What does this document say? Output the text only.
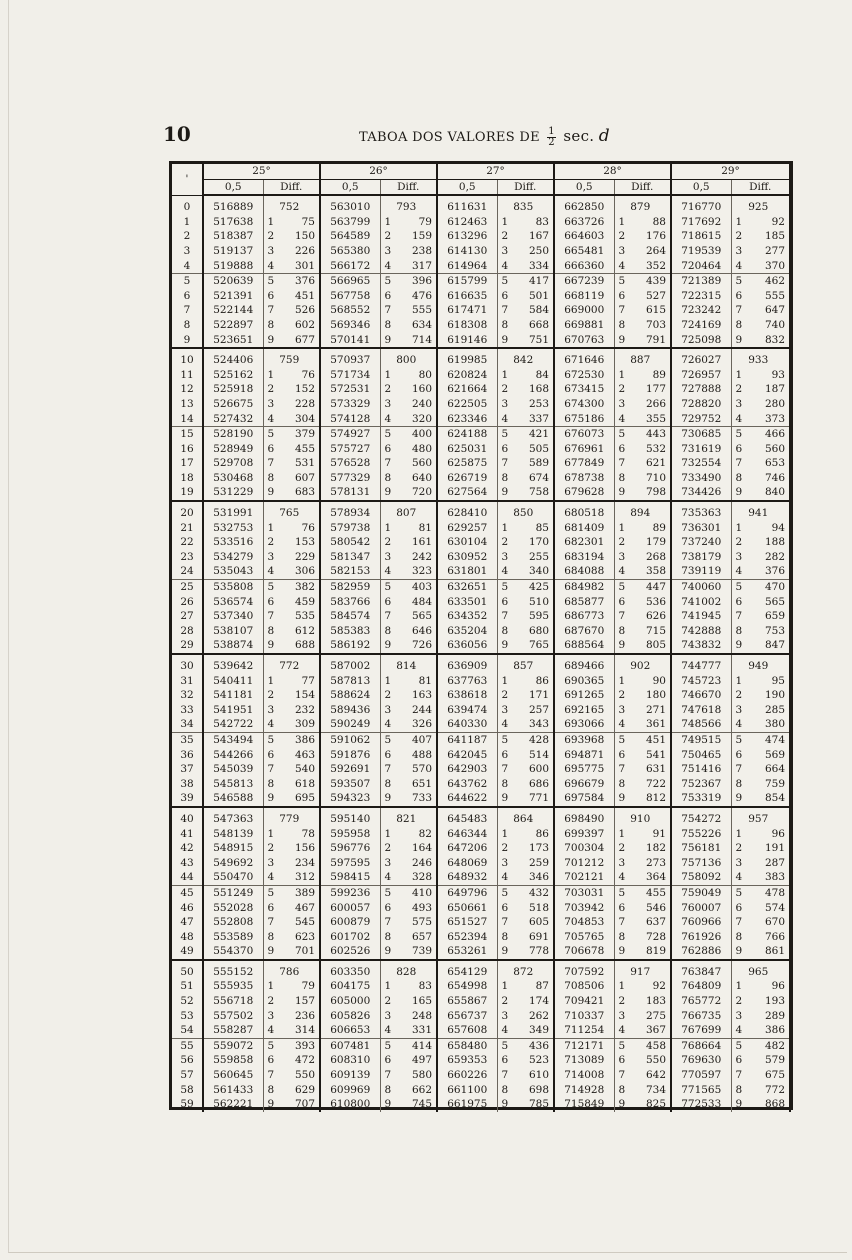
10	TABOA DOS VALORES DE $\frac{1}{2} \sec$. d
'	25°			26°			27°			28°			29°		
	0,5	Diff.		0,5	Diff.		0,5	Diff.		0,5	Diff.		0,5	Diff.	
0	516889	752		563010	793		611631	835		662850	879		716770	925	
1	517638	1	75	563799	1	79	612463	1	83	663726	1	88	717692	1	92
2	518387	2	150	564589	2	159	613296	2	167	664603	2	176	718615	2	185
3	519137	3	226	565380	3	238	614130	3	250	665481	3	264	719539	3	277
4	519888	4	301	566172	4	317	614964	4	334	666360	4	352	720464	4	370
5	520639	5	376	566965	5	396	615799	5	417	667239	5	439	721389	5	462
6	521391	6	451	567758	6	476	616635	6	501	668119	6	527	722315	6	555
7	522144	7	526	568552	7	555	617471	7	584	669000	7	615	723242	7	647
8	522897	8	602	569346	8	634	618308	8	668	669881	8	703	724169	8	740
9	523651	9	677	570141	9	714	619146	9	751	670763	9	791	725098	9	832
10	524406	759		570937	800		619985	842		671646	887		726027	933	
11	525162	1	76	571734	1	80	620824	1	84	672530	1	89	726957	1	93
12	525918	2	152	572531	2	160	621664	2	168	673415	2	177	727888	2	187
13	526675	3	228	573329	3	240	622505	3	253	674300	3	266	728820	3	280
14	527432	4	304	574128	4	320	623346	4	337	675186	4	355	729752	4	373
15	528190	5	379	574927	5	400	624188	5	421	676073	5	443	730685	5	466
16	528949	6	455	575727	6	480	625031	6	505	676961	6	532	731619	6	560
17	529708	7	531	576528	7	560	625875	7	589	677849	7	621	732554	7	653
18	530468	8	607	577329	8	640	626719	8	674	678738	8	710	733490	8	746
19	531229	9	683	578131	9	720	627564	9	758	679628	9	798	734426	9	840
20	531991	765		578934	807		628410	850		680518	894		735363	941	
21	532753	1	76	579738	1	81	629257	1	85	681409	1	89	736301	1	94
22	533516	2	153	580542	2	161	630104	2	170	682301	2	179	737240	2	188
23	534279	3	229	581347	3	242	630952	3	255	683194	3	268	738179	3	282
24	535043	4	306	582153	4	323	631801	4	340	684088	4	358	739119	4	376
25	535808	5	382	582959	5	403	632651	5	425	684982	5	447	740060	5	470
26	536574	6	459	583766	6	484	633501	6	510	685877	6	536	741002	6	565
27	537340	7	535	584574	7	565	634352	7	595	686773	7	626	741945	7	659
28	538107	8	612	585383	8	646	635204	8	680	687670	8	715	742888	8	753
29	538874	9	688	586192	9	726	636056	9	765	688564	9	805	743832	9	847
30	539642	772		587002	814		636909	857		689466	902		744777	949	
31	540411	1	77	587813	1	81	637763	1	86	690365	1	90	745723	1	95
32	541181	2	154	588624	2	163	638618	2	171	691265	2	180	746670	2	190
33	541951	3	232	589436	3	244	639474	3	257	692165	3	271	747618	3	285
34	542722	4	309	590249	4	326	640330	4	343	693066	4	361	748566	4	380
35	543494	5	386	591062	5	407	641187	5	428	693968	5	451	749515	5	474
36	544266	6	463	591876	6	488	642045	6	514	694871	6	541	750465	6	569
37	545039	7	540	592691	7	570	642903	7	600	695775	7	631	751416	7	664
38	545813	8	618	593507	8	651	643762	8	686	696679	8	722	752367	8	759
39	546588	9	695	594323	9	733	644622	9	771	697584	9	812	753319	9	854
40	547363	779		595140	821		645483	864		698490	910		754272	957	
41	548139	1	78	595958	1	82	646344	1	86	699397	1	91	755226	1	96
42	548915	2	156	596776	2	164	647206	2	173	700304	2	182	756181	2	191
43	549692	3	234	597595	3	246	648069	3	259	701212	3	273	757136	3	287
44	550470	4	312	598415	4	328	648932	4	346	702121	4	364	758092	4	383
45	551249	5	389	599236	5	410	649796	5	432	703031	5	455	759049	5	478
46	552028	6	467	600057	6	493	650661	6	518	703942	6	546	760007	6	574
47	552808	7	545	600879	7	575	651527	7	605	704853	7	637	760966	7	670
48	553589	8	623	601702	8	657	652394	8	691	705765	8	728	761926	8	766
49	554370	9	701	602526	9	739	653261	9	778	706678	9	819	762886	9	861
50	555152	786		603350	828		654129	872		707592	917		763847	965	
51	555935	1	79	604175	1	83	654998	1	87	708506	1	92	764809	1	96
52	556718	2	157	605000	2	165	655867	2	174	709421	2	183	765772	2	193
53	557502	3	236	605826	3	248	656737	3	262	710337	3	275	766735	3	289
54	558287	4	314	606653	4	331	657608	4	349	711254	4	367	767699	4	386
55	559072	5	393	607481	5	414	658480	5	436	712171	5	458	768664	5	482
56	559858	6	472	608310	6	497	659353	6	523	713089	6	550	769630	6	579
57	560645	7	550	609139	7	580	660226	7	610	714008	7	642	770597	7	675
58	561433	8	629	609969	8	662	661100	8	698	714928	8	734	771565	8	772
59	562221	9	707	610800	9	745	661975	9	785	715849	9	825	772533	9	868
